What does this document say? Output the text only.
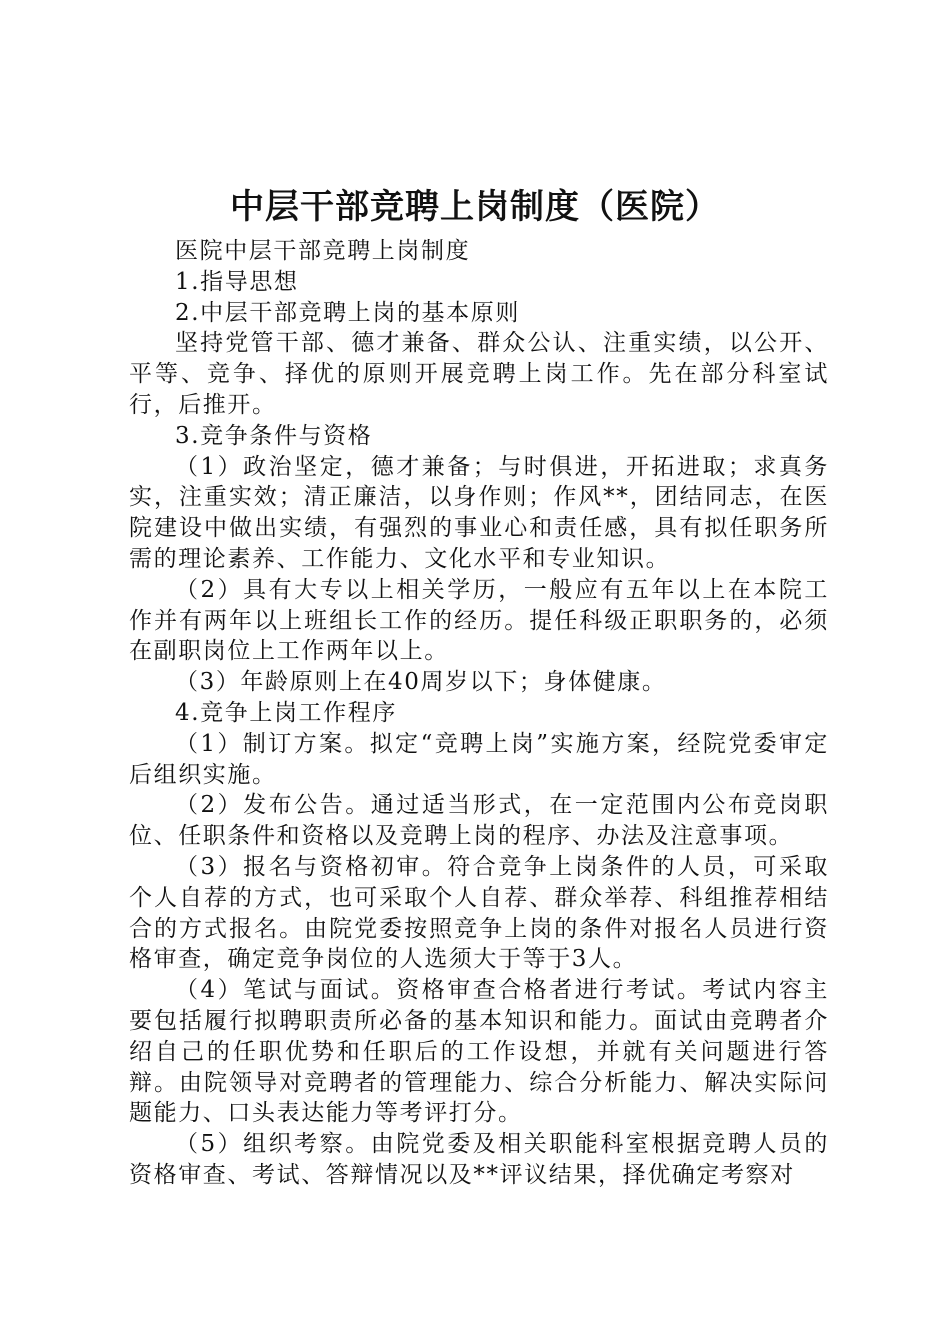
中层干部竞聘上岗制度（医院）

医院中层干部竞聘上岗制度

1.指导思想

2.中层干部竞聘上岗的基本原则

坚持党管干部、德才兼备、群众公认、注重实绩，以公开、平等、竞争、择优的原则开展竞聘上岗工作。先在部分科室试行，后推开。

3.竞争条件与资格

（1）政治坚定，德才兼备；与时俱进，开拓进取；求真务实，注重实效；清正廉洁，以身作则；作风**，团结同志，在医院建设中做出实绩，有强烈的事业心和责任感，具有拟任职务所需的理论素养、工作能力、文化水平和专业知识。

（2）具有大专以上相关学历，一般应有五年以上在本院工作并有两年以上班组长工作的经历。提任科级正职职务的，必须在副职岗位上工作两年以上。

（3）年龄原则上在40周岁以下；身体健康。

4.竞争上岗工作程序

（1）制订方案。拟定“竞聘上岗”实施方案，经院党委审定后组织实施。

（2）发布公告。通过适当形式，在一定范围内公布竞岗职位、任职条件和资格以及竞聘上岗的程序、办法及注意事项。

（3）报名与资格初审。符合竞争上岗条件的人员，可采取个人自荐的方式，也可采取个人自荐、群众举荐、科组推荐相结合的方式报名。由院党委按照竞争上岗的条件对报名人员进行资格审查，确定竞争岗位的人选须大于等于3人。

（4）笔试与面试。资格审查合格者进行考试。考试内容主要包括履行拟聘职责所必备的基本知识和能力。面试由竞聘者介绍自己的任职优势和任职后的工作设想，并就有关问题进行答辩。由院领导对竞聘者的管理能力、综合分析能力、解决实际问题能力、口头表达能力等考评打分。

（5）组织考察。由院党委及相关职能科室根据竞聘人员的资格审查、考试、答辩情况以及**评议结果，择优确定考察对
